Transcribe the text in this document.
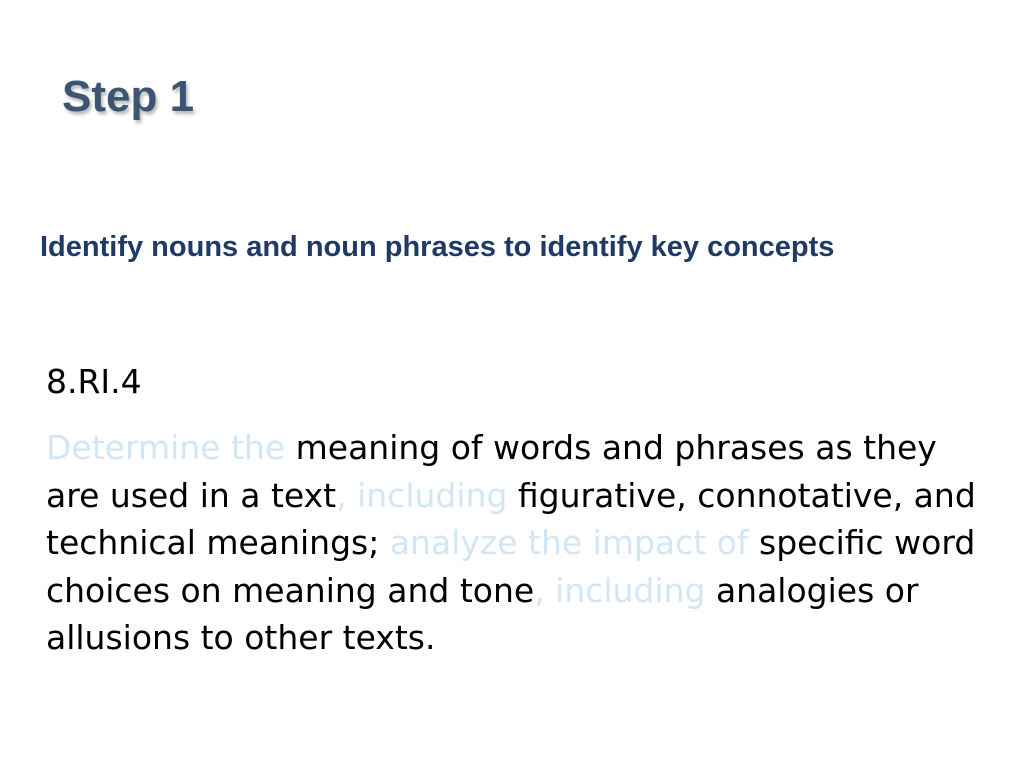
Step 1
Identify nouns and noun phrases to identify key concepts
8.RI.4
Determine the meaning of words and phrases as they are used in a text, including figurative, connotative, and technical meanings; analyze the impact of specific word choices on meaning and tone, including analogies or allusions to other texts.
